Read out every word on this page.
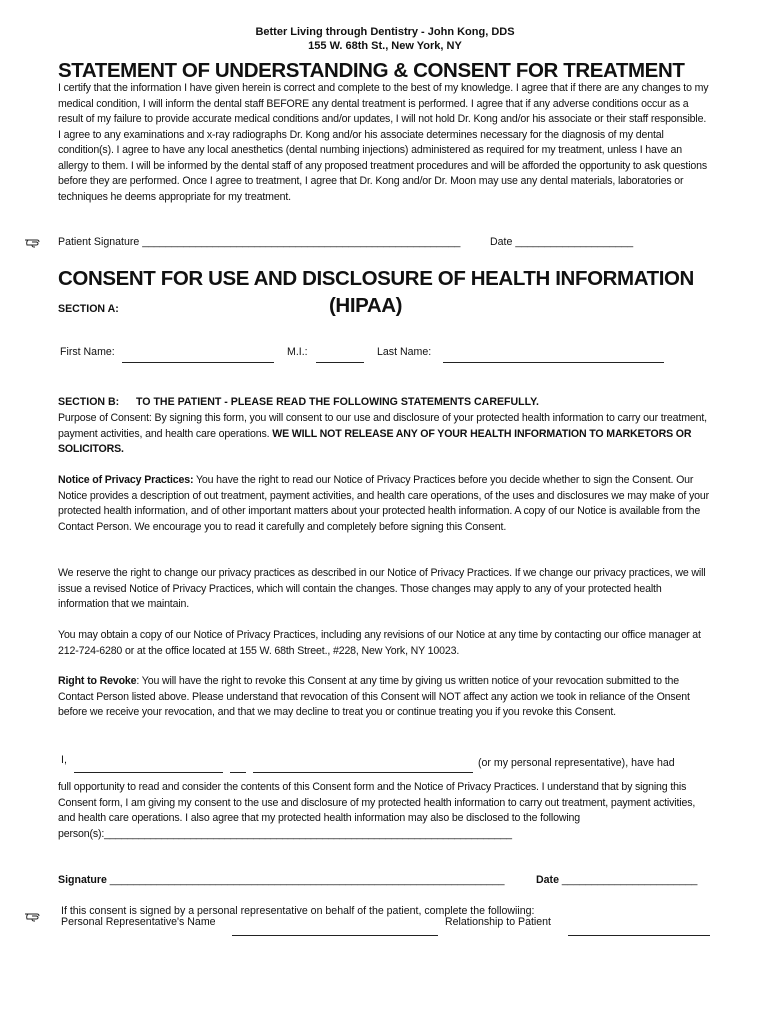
Better Living through Dentistry - John Kong, DDS
155 W. 68th St., New York, NY
STATEMENT OF UNDERSTANDING & CONSENT FOR TREATMENT

I certify that the information I have given herein is correct and complete to the best of my knowledge. I agree that if there are any changes to my medical condition, I will inform the dental staff BEFORE any dental treatment is performed. I agree that if any adverse conditions occur as a result of my failure to provide accurate medical conditions and/or updates, I will not hold Dr. Kong and/or his associate or their staff responsible.

I agree to any examinations and x-ray radiographs Dr. Kong and/or his associate determines necessary for the diagnosis of my dental condition(s). I agree to have any local anesthetics (dental numbing injections) administered as required for my treatment, unless I have an allergy to them. I will be informed by the dental staff of any proposed treatment procedures and will be afforded the opportunity to ask questions before they are performed. Once I agree to treatment, I agree that Dr. Kong and/or Dr. Moon may use any dental materials, laboratories or techniques he deems appropriate for my treatment.

Patient Signature ______________________________________________________	Date ____________________
CONSENT FOR USE AND DISCLOSURE OF HEALTH INFORMATION
(HIPAA)
SECTION A:
First Name:	M.I.:	Last Name:
SECTION B: TO THE PATIENT - PLEASE READ THE FOLLOWING STATEMENTS CAREFULLY.

Purpose of Consent: By signing this form, you will consent to our use and disclosure of your protected health information to carry our treatment, payment activities, and health care operations. WE WILL NOT RELEASE ANY OF YOUR HEALTH INFORMATION TO MARKETORS OR SOLICITORS.

Notice of Privacy Practices: You have the right to read our Notice of Privacy Practices before you decide whether to sign the Consent. Our Notice provides a description of out treatment, payment activities, and health care operations, of the uses and disclosures we may make of your protected health information, and of other important matters about your protected health information. A copy of our Notice is available from the Contact Person. We encourage you to read it carefully and completely before signing this Consent.

We reserve the right to change our privacy practices as described in our Notice of Privacy Practices. If we change our privacy practices, we will issue a revised Notice of Privacy Practices, which will contain the changes. Those changes may apply to any of your protected health information that we maintain.

You may obtain a copy of our Notice of Privacy Practices, including any revisions of our Notice at any time by contacting our office manager at 212-724-6280 or at the office located at 155 W. 68th Street., #228, New York, NY 10023.

Right to Revoke: You will have the right to revoke this Consent at any time by giving us written notice of your revocation submitted to the Contact Person listed above. Please understand that revocation of this Consent will NOT affect any action we took in reliance of the Onsent before we receive your revocation, and that we may decline to treat you or continue treating you if you revoke this Consent.

I,	(or my personal representative), have had

full opportunity to read and consider the contents of this Consent form and the Notice of Privacy Practices. I understand that by signing this Consent form, I am giving my consent to the use and disclosure of my protected health information to carry out treatment, payment activities, and health care operations. I also agree that my protected health information may also be disclosed to the following person(s):_______________________________________________________________________

Signature ___________________________________________________________________	Date _______________________
If this consent is signed by a personal representative on behalf of the patient, complete the followiing:
Personal Representative's Name	Relationship to Patient
